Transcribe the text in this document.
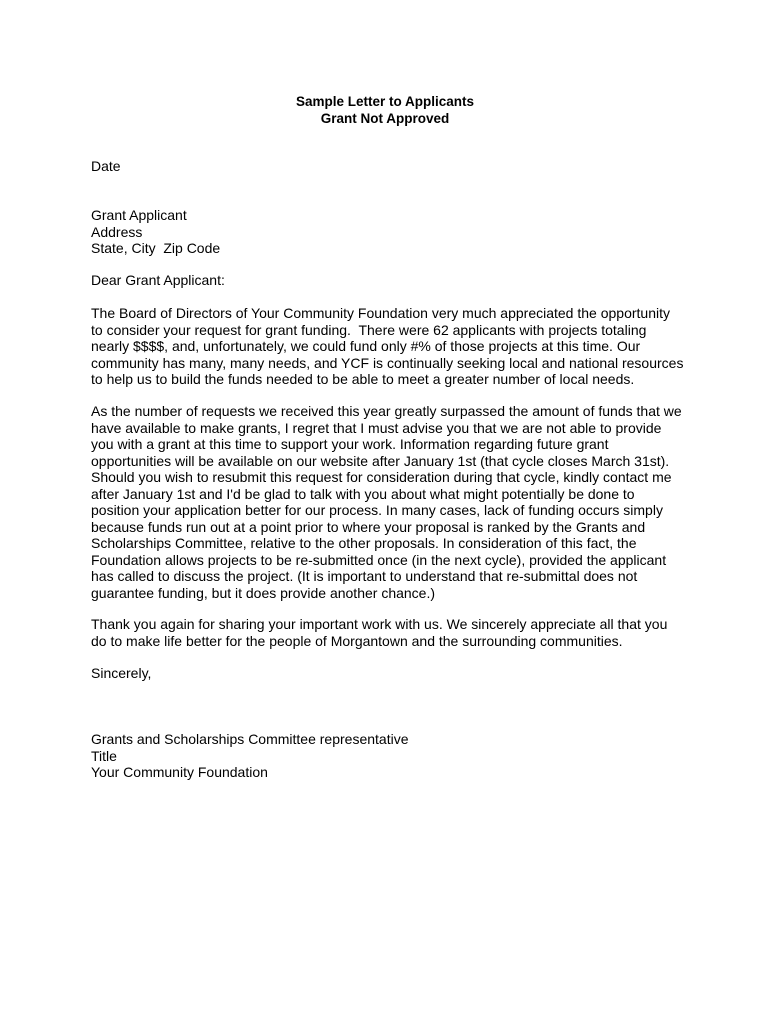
Sample Letter to Applicants
Grant Not Approved
Date
Grant Applicant
Address
State, City  Zip Code
Dear Grant Applicant:
The Board of Directors of Your Community Foundation very much appreciated the opportunity
to consider your request for grant funding.  There were 62 applicants with projects totaling
nearly $$$$, and, unfortunately, we could fund only #% of those projects at this time. Our
community has many, many needs, and YCF is continually seeking local and national resources
to help us to build the funds needed to be able to meet a greater number of local needs.
As the number of requests we received this year greatly surpassed the amount of funds that we
have available to make grants, I regret that I must advise you that we are not able to provide
you with a grant at this time to support your work. Information regarding future grant
opportunities will be available on our website after January 1st (that cycle closes March 31st).
Should you wish to resubmit this request for consideration during that cycle, kindly contact me
after January 1st and I'd be glad to talk with you about what might potentially be done to
position your application better for our process. In many cases, lack of funding occurs simply
because funds run out at a point prior to where your proposal is ranked by the Grants and
Scholarships Committee, relative to the other proposals. In consideration of this fact, the
Foundation allows projects to be re-submitted once (in the next cycle), provided the applicant
has called to discuss the project. (It is important to understand that re-submittal does not
guarantee funding, but it does provide another chance.)
Thank you again for sharing your important work with us. We sincerely appreciate all that you
do to make life better for the people of Morgantown and the surrounding communities.
Sincerely,
Grants and Scholarships Committee representative
Title
Your Community Foundation
